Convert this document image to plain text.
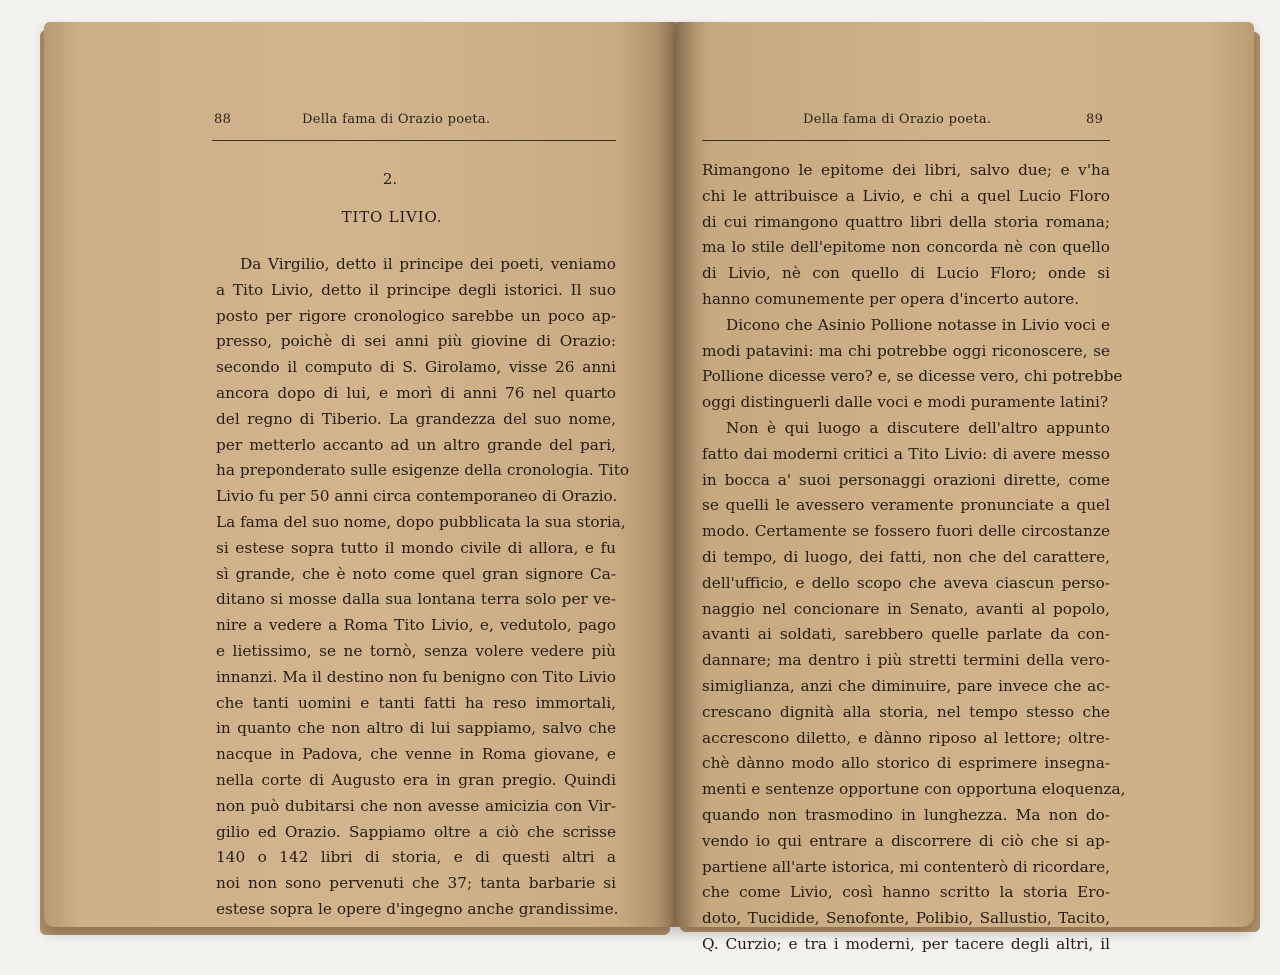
88	Della fama di Orazio poeta.
2.
TITO LIVIO.
Da Virgilio, detto il principe dei poeti, veniamo
a Tito Livio, detto il principe degli istorici. Il suo
posto per rigore cronologico sarebbe un poco ap-
presso, poichè di sei anni più giovine di Orazio:
secondo il computo di S. Girolamo, visse 26 anni
ancora dopo di lui, e morì di anni 76 nel quarto
del regno di Tiberio. La grandezza del suo nome,
per metterlo accanto ad un altro grande del pari,
ha preponderato sulle esigenze della cronologia. Tito
Livio fu per 50 anni circa contemporaneo di Orazio.
La fama del suo nome, dopo pubblicata la sua storia,
si estese sopra tutto il mondo civile di allora, e fu
sì grande, che è noto come quel gran signore Ca-
ditano si mosse dalla sua lontana terra solo per ve-
nire a vedere a Roma Tito Livio, e, vedutolo, pago
e lietissimo, se ne tornò, senza volere vedere più
innanzi. Ma il destino non fu benigno con Tito Livio
che tanti uomini e tanti fatti ha reso immortali,
in quanto che non altro di lui sappiamo, salvo che
nacque in Padova, che venne in Roma giovane, e
nella corte di Augusto era in gran pregio. Quindi
non può dubitarsi che non avesse amicizia con Vir-
gilio ed Orazio. Sappiamo oltre a ciò che scrisse
140 o 142 libri di storia, e di questi altri a
noi non sono pervenuti che 37; tanta barbarie si
estese sopra le opere d'ingegno anche grandissime.
Della fama di Orazio poeta.	89
Rimangono le epitome dei libri, salvo due; e v'ha
chi le attribuisce a Livio, e chi a quel Lucio Floro
di cui rimangono quattro libri della storia romana;
ma lo stile dell'epitome non concorda nè con quello
di Livio, nè con quello di Lucio Floro; onde si
hanno comunemente per opera d'incerto autore.
Dicono che Asinio Pollione notasse in Livio voci e
modi patavini: ma chi potrebbe oggi riconoscere, se
Pollione dicesse vero? e, se dicesse vero, chi potrebbe
oggi distinguerli dalle voci e modi puramente latini?
Non è qui luogo a discutere dell'altro appunto
fatto dai moderni critici a Tito Livio: di avere messo
in bocca a' suoi personaggi orazioni dirette, come
se quelli le avessero veramente pronunciate a quel
modo. Certamente se fossero fuori delle circostanze
di tempo, di luogo, dei fatti, non che del carattere,
dell'ufficio, e dello scopo che aveva ciascun perso-
naggio nel concionare in Senato, avanti al popolo,
avanti ai soldati, sarebbero quelle parlate da con-
dannare; ma dentro i più stretti termini della vero-
simiglianza, anzi che diminuire, pare invece che ac-
crescano dignità alla storia, nel tempo stesso che
accrescono diletto, e dànno riposo al lettore; oltre-
chè dànno modo allo storico di esprimere insegna-
menti e sentenze opportune con opportuna eloquenza,
quando non trasmodino in lunghezza. Ma non do-
vendo io qui entrare a discorrere di ciò che si ap-
partiene all'arte istorica, mi contenterò di ricordare,
che come Livio, così hanno scritto la storia Ero-
doto, Tucidide, Senofonte, Polibio, Sallustio, Tacito,
Q. Curzio; e tra i moderni, per tacere degli altri, il
